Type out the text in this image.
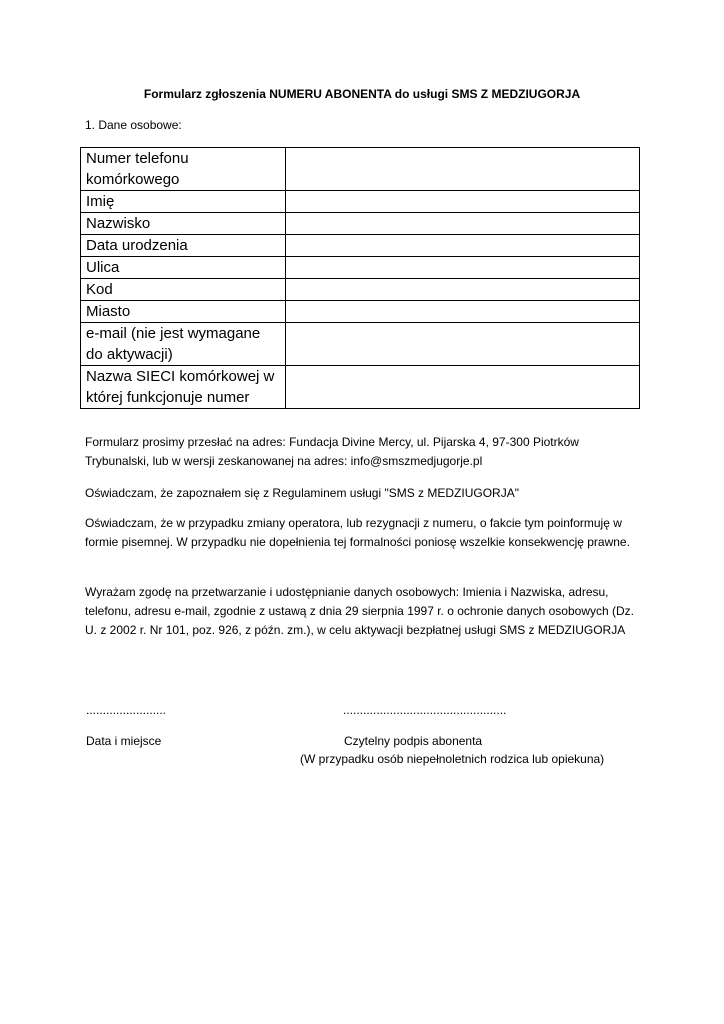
Formularz zgłoszenia NUMERU ABONENTA do usługi SMS Z MEDZIUGORJA
1. Dane osobowe:
Numer telefonu komórkowego	
Imię	
Nazwisko	
Data urodzenia	
Ulica	
Kod	
Miasto	
e-mail (nie jest wymagane do aktywacji)	
Nazwa SIECI komórkowej w której funkcjonuje numer	

Formularz prosimy przesłać na adres: Fundacja Divine Mercy, ul. Pijarska 4, 97-300 Piotrków Trybunalski, lub w wersji zeskanowanej na adres: info@smszmedjugorje.pl

Oświadczam, że zapoznałem się z Regulaminem usługi "SMS z MEDZIUGORJA"

Oświadczam, że w przypadku zmiany operatora, lub rezygnacji z numeru, o fakcie tym poinformuję w formie pisemnej. W przypadku nie dopełnienia tej formalności poniosę wszelkie konsekwencję prawne.

Wyrażam zgodę na przetwarzanie i udostępnianie danych osobowych: Imienia i Nazwiska, adresu, telefonu, adresu e-mail, zgodnie z ustawą z dnia 29 sierpnia 1997 r. o ochronie danych osobowych (Dz. U. z 2002 r. Nr 101, poz. 926, z późn. zm.), w celu aktywacji bezpłatnej usługi SMS z MEDZIUGORJA

........................	.................................................
Data i miejsce	Czytelny podpis abonenta
(W przypadku osób niepełnoletnich rodzica lub opiekuna)
